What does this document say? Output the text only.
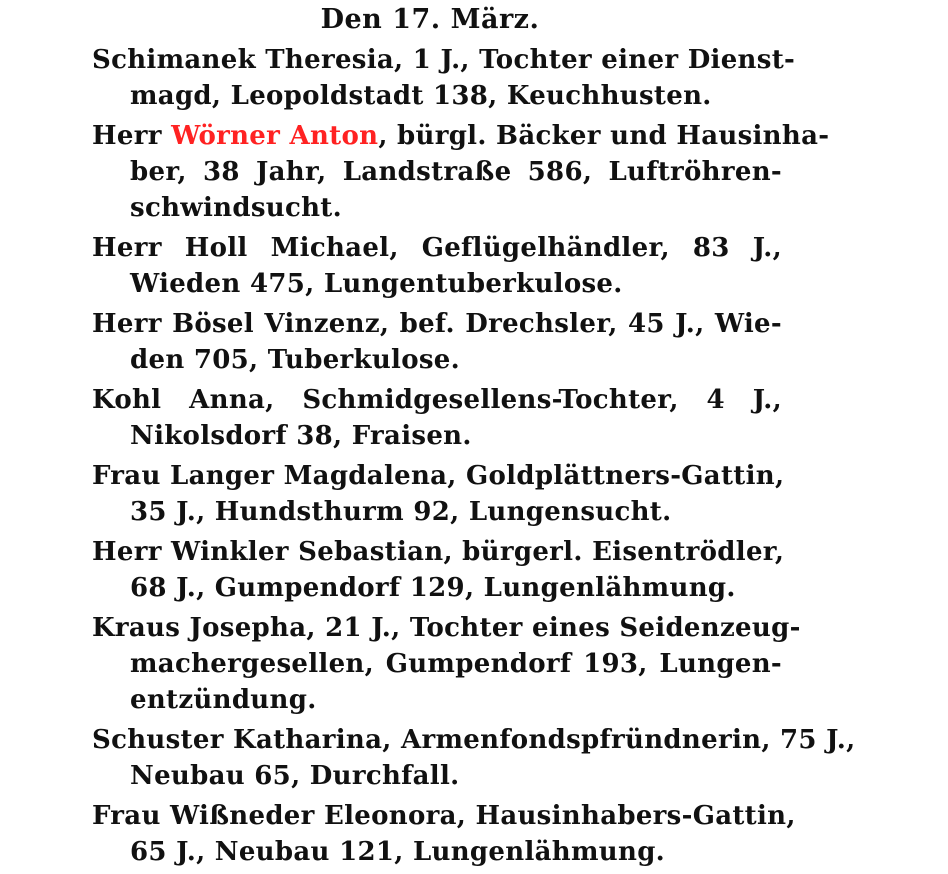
Den 17. März.
Schimanek Theresia, 1 J., Tochter einer Dienst-
magd, Leopoldstadt 138, Keuchhusten.
Herr Wörner Anton, bürgl. Bäcker und Hausinha-
ber, 38 Jahr, Landstraße 586, Luftröhren-
schwindsucht.
Herr Holl Michael, Geflügelhändler, 83 J.,
Wieden 475, Lungentuberkulose.
Herr Bösel Vinzenz, bef. Drechsler, 45 J., Wie-
den 705, Tuberkulose.
Kohl Anna, Schmidgesellens-Tochter, 4 J.,
Nikolsdorf 38, Fraisen.
Frau Langer Magdalena, Goldplättners-Gattin,
35 J., Hundsthurm 92, Lungensucht.
Herr Winkler Sebastian, bürgerl. Eisentrödler,
68 J., Gumpendorf 129, Lungenlähmung.
Kraus Josepha, 21 J., Tochter eines Seidenzeug-
machergesellen, Gumpendorf 193, Lungen-
entzündung.
Schuster Katharina, Armenfondspfründnerin, 75 J.,
Neubau 65, Durchfall.
Frau Wißneder Eleonora, Hausinhabers-Gattin,
65 J., Neubau 121, Lungenlähmung.
